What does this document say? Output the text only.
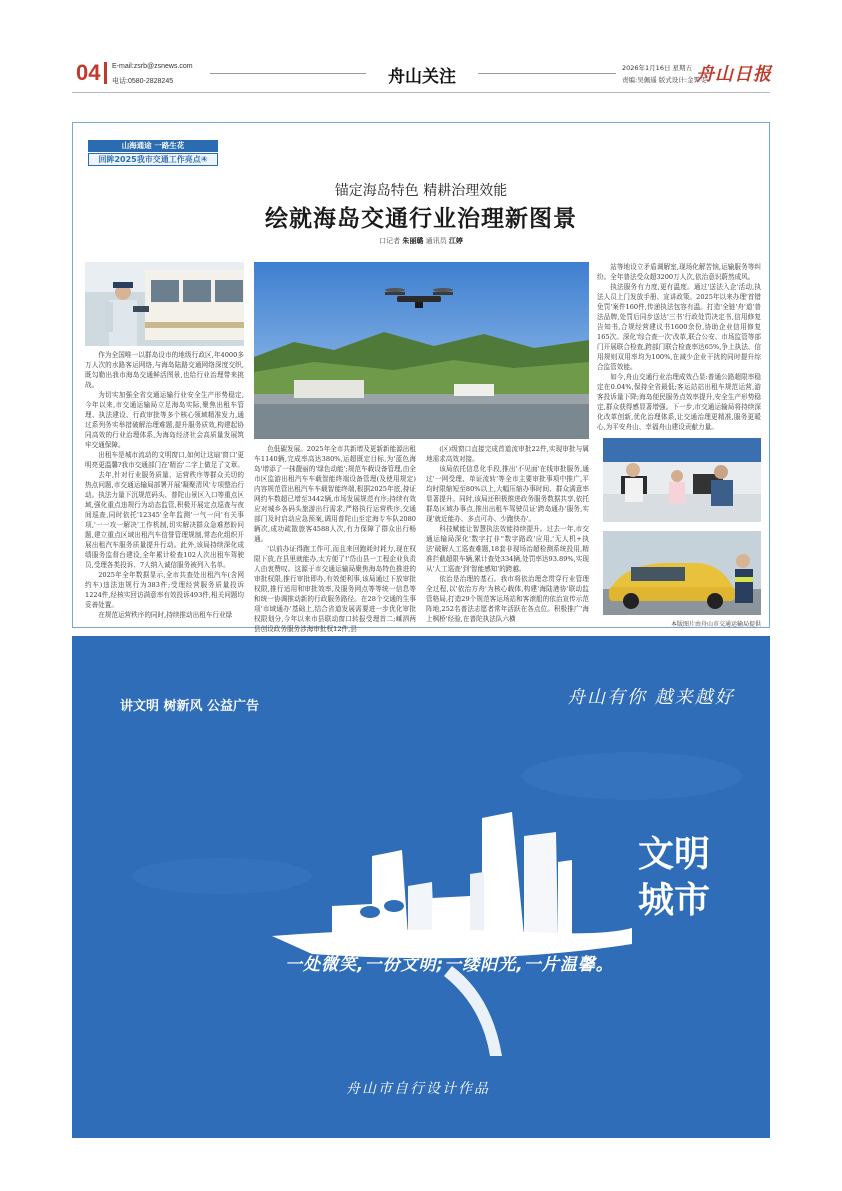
04 E-mail:zsrb@zsnews.com
电话:0580-2828245	舟山关注	2026年1月16日 星期五
责编:吴佩遥 版式设计:金霁雯
舟山日报
山海通途 一路生花
回眸2025我市交通工作亮点④
锚定海岛特色 精耕治理效能
绘就海岛交通行业治理新图景
口记者 朱丽璐 通讯员 江婷

作为全国唯一以群岛设市的地级行政区,年4000多万人次的水路客运网络,与海岛陆路交通网络深度交织,既勾勒出我市海岛交通鲜活图景,也给行业治理带来挑战。

为切实加强全省交通运输行业安全生产形势稳定,今年以来,市交通运输局立足海岛实际,聚焦出租车管理、执法建设、行政审批等多个核心领域精准发力,通过系列务实举措破解治理难题,提升服务质效,构建起协同高效的行业治理体系,为海岛经济社会高质量发展筑牢交通保障。

出租车是城市流动的文明窗口,如何让这扇'窗口'更明亮更温馨?我市交通部门在'精治'二字上做足了文章。

去年,针对行业服务质量、运营秩序等群众关切的热点问题,市交通运输局部署开展'凝聚清风'专项整治行动。执法力量下沉规范码头、普陀山景区入口等重点区域,强化重点违规行为动态监管,积极开展定点巡查与夜间巡查,同时依托'12345'全年监测'一气一问'有关事项,'一一攻一解决'工作机制,切实解决群众急难愁盼问题,建立重点区域出租汽车信誉管理规制,常态化组织开展出租汽车服务质量提升行动。此外,该局持续深化成绩服务监督台建设,全年累计检查102人次出租车驾驶员,受理各类投诉、7人纳入诚信服务被列入名单。

2025年全年数据显示,全市共查处出租汽车(含网约车)违法违规行为383件;受理经营服务质量投诉1224件,经核实回访满意率有效投诉493件,相关问题均妥善处置。

在规范运营秩序的同时,持续推动出租车行业绿

色低碳发展。2025年全市共新增及更新新能源出租车1140辆,完成率高达380%,运超既定目标,为'蓝色海岛'增添了一抹靓丽的'绿色动能';规范车载设备管理,由全市区监游出租汽车车载智能终端设备管理(及使用规定)内容规范管出租汽车车载智能终端,根据2025年底,持证网约车数超已增至3442辆,市场发展规范有序;持续有效应对城乡各码头旅游出行需求,严格执行运营秩序,交通部门及时启动应急预案,调用普陀山至定海专车队2080辆次,成功疏散旅客4588人次,有力保障了群众出行畅通。

'以前办证得跑工作可,而且来回跑耗时耗力,现在权限下放,在县里就能办,太方便了!'岱山县一工程企业负责人由衷赞叹。这源于市交通运输局聚焦海岛特色推进的审批权限,推行审批即办,有效便利事,该局通过下放审批权限,推行适用和审批效率,及服务网点等等统一信息等和统一协调推动新的行政服务路径。在28个交通的生事项'市域通办'基础上,结合省道发展需要进一步优化审批权限划分,今年以来市县联动窗口转报受理首二;嵊泗两县创设政务服务涉海审批权12件,县

(区)级窗口直接完成首道流审批22件,实现审批与属地需求高效对接。

该局依托信息化手段,推出'不见面'在线审批服务,通过'一网受理、单证流转'等全市主要审批事项中推广,平均时限缩短至80%以上,大幅压缩办事时间、群众满意率显著提升。同时,该局还积极推进政务服务数据共享,依托群岛区域办事点,推出出租车驾驶员证'跨岛通办'服务,实现'就近能办、多点可办、少跑快办'。

科技赋能让智慧执法效能持续提升。过去一年,市交通运输局深化'数字打非''数字路政'应用,'无人机+执法'破解人工巡查难题,18套非现场治超检测系统投用,精准拦截超限车辆,累计查处334辆,处罚率达93.89%,实现从'人工巡查'到'智能感知'的跨越。

依治是治理的基石。我市将依治理念贯穿行业管理全过程,以'依治方舟'为核心载体,构建'海陆港协'联动监管格局,打造29个规范客运场站和客滚船的依治宣传示范阵地,252名普法志愿者常年活跃在各点位。积极推广'海上枫桥'经验,在普陀执法队六横

站等地设立矛盾调解室,现场化解苦恼,运输服务等纠纷。全年普法受众超3200万人次,依治意识蔚然成风。

执法服务有力度,更有温度。通过'送法入企'活动,执法人员上门发放手册、宣讲政策。2025年以来办理'首错免罚'案件160件,传递执法包容有温。打造'全链'舟'道'普法品牌,处罚后同步送达'三书'行政处罚决定书,信用修复告知书,合规经营建议书1600余份,协助企业信用修复165次。深化'综合查一次'改革,联合公安、市场监管等部门开展联合检查,跨部门联合检查率达65%,争上执法、信用规则双用率均为100%,在减少企业干扰的同时提升综合监管效能。

如今,舟山交通行业治理成效凸显:普通公路超限率稳定在0.04%,保持全省最低;客运站站出租车规范运营,游客投诉量下降;海岛便民服务点效率提升,安全生产形势稳定,群众获得感显著增强。下一步,市交通运输局将持续深化改革创新,优化治理体系,让交通治理更精准,服务更暖心,为平安舟山、幸福舟山建设贡献力量。

本版图片由舟山市交通运输局提供
讲文明 树新风 公益广告	舟山有你 越来越好
文明
城市
一处微笑,一份文明;一缕阳光,一片温馨。
舟山市自行设计作品
